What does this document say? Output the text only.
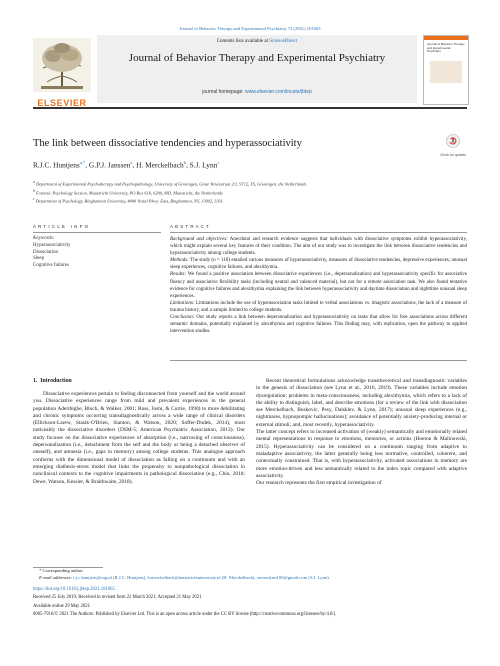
Journal of Behavior Therapy and Experimental Psychiatry 73 (2021) 101665
ELSEVIER
Contents lists available at ScienceDirect
Journal of Behavior Therapy and Experimental Psychiatry
journal homepage: www.elsevier.com/locate/jbtep
Journal of Behavior Therapy and Experimental Psychiatry
The link between dissociative tendencies and hyperassociativity
Check for updates
R.J.C. Huntjens$^{a,*}$, G.P.J. Janssen$^a$, H. Merckelbach$^b$, S.J. Lynn$^c$
$^a$ Department of Experimental Psychotherapy and Psychopathology, University of Groningen, Grote Kruisstraat 2/1, 9712, TS, Groningen, the Netherlands
$^b$ Forensic Psychology Section, Maastricht University, PO Box 616, 6200, MD, Maastricht, the Netherlands
$^c$ Department of Psychology, Binghamton University, 4400 Vestal Pkwy. East, Binghamton, NY, 13902, USA
A R T I C L E   I N F O	A B S T R A C T
Keywords:
Hyperassociativity
Dissociation
Sleep
Cognitive failures
Background and objectives: Anecdotal and research evidence suggests that individuals with dissociative symptoms exhibit hyperassociativity, which might explain several key features of their condition. The aim of our study was to investigate the link between dissociative tendencies and hyperassociativity among college students.
Methods: The study (n = 118) entailed various measures of hyperassociativity, measures of dissociative tendencies, depressive experiences, unusual sleep experiences, cognitive failures, and alexithymia.
Results: We found a positive association between dissociative experiences (i.e., depersonalization) and hyperassociativity specific for associative fluency and associative flexibility tasks (including neutral and valenced material), but not for a remote association task. We also found tentative evidence for cognitive failures and alexithymia explaining the link between hyperassociativity and daytime dissociation and nighttime unusual sleep experiences.
Limitations: Limitations include the use of hyperassociation tasks limited to verbal associations vs. imagistic associations, the lack of a measure of trauma history, and a sample limited to college students.
Conclusion: Our study reports a link between depersonalization and hyperassociativity on tasks that allow for free associations across different semantic domains, potentially explained by alexithymia and cognitive failures. This finding may, with replication, open the pathway to applied intervention studies.
1.  Introduction
Dissociative experiences pertain to feeling disconnected from yourself and the world around you. Dissociative experiences range from mild and prevalent experiences in the general population Aderibigbe, Bloch, & Walker, 2001; Ross, Joshi, & Currie, 1990) to more debilitating and chronic symptoms occurring transdiagnostically across a wide range of clinical disorders (Ellickson-Larew, Stasik-O'Brien, Stanton, & Watson, 2020; Soffer-Dudek, 2014), most noticeably the dissociative disorders (DSM-5; American Psychiatric Association, 2013). Our study focuses on the dissociative experiences of absorption (i.e., narrowing of consciousness), depersonalization (i.e., detachment from the self and the body or being a detached observer of oneself), and amnesia (i.e., gaps in memory) among college students. This analogue approach conforms with the dimensional model of dissociation as falling on a continuum and with an emerging diathesis-stress model that links the propensity to nonpathological dissociation in nonclinical contexts to the cognitive impairments in pathological dissociation (e.g., Chiu, 2018; Dewe, Watson, Kessler, & Braithwaite, 2018).
Recent theoretical formulations acknowledge transtheoretical and transdiagnostic variables in the genesis of dissociation (see Lynn et al., 2016, 2019). These variables include emotion dysregulation; problems in meta-consciousness, including alexithymia, which refers to a lack of the ability to distinguish, label, and describe emotions (for a review of the link with dissociation see Merckelbach, Boskovic, Pesy, Dalsklev, & Lynn, 2017); unusual sleep experiences (e.g., nightmares, hypnopompic hallucinations); avoidance of potentially anxiety-producing internal or external stimuli; and, most recently, hyperassociativity.
The latter concept refers to increased activation of (weakly) semantically and emotionally related mental representations in response to emotions, memories, or actions (Hoeton & Malinowski, 2015). Hyperassociativity can be considered on a continuum ranging from adaptive to maladaptive associativity, the latter generally being less normative, controlled, coherent, and contextually constrained. That is, with hyperassociativity, activated associations in memory are more emotion-driven and less semantically related to the index topic compared with adaptive associativity.
Our research represents the first empirical investigation of
* Corresponding author.
E-mail addresses: r.j.c.huntjens@rug.nl (R.J.C. Huntjens), h.merckelbach@maastrichtuniversity.nl (H. Merckelbach), stevenlynn100@gmail.com (S.J. Lynn).
https://doi.org/10.1016/j.jbtep.2021.101665
Received 25 July 2019; Received in revised form 22 March 2021; Accepted 21 May 2021
Available online 29 May 2021
0005-7916/© 2021 The Authors. Published by Elsevier Ltd. This is an open access article under the CC BY license (http://creativecommons.org/licenses/by/4.0/).
